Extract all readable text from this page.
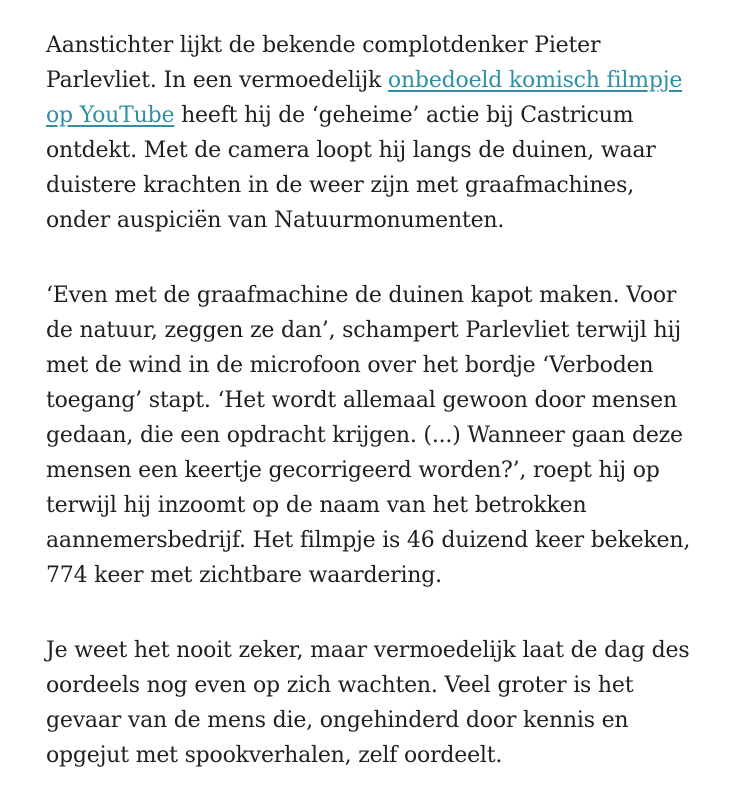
Aanstichter lijkt de bekende complotdenker Pieter
Parlevliet. In een vermoedelijk onbedoeld komisch filmpje
op YouTube heeft hij de ‘geheime’ actie bij Castricum
ontdekt. Met de camera loopt hij langs de duinen, waar
duistere krachten in de weer zijn met graafmachines,
onder auspiciën van Natuurmonumenten.

‘Even met de graafmachine de duinen kapot maken. Voor
de natuur, zeggen ze dan’, schampert Parlevliet terwijl hij
met de wind in de microfoon over het bordje ‘Verboden
toegang’ stapt. ‘Het wordt allemaal gewoon door mensen
gedaan, die een opdracht krijgen. (...) Wanneer gaan deze
mensen een keertje gecorrigeerd worden?’, roept hij op
terwijl hij inzoomt op de naam van het betrokken
aannemersbedrijf. Het filmpje is 46 duizend keer bekeken,
774 keer met zichtbare waardering.

Je weet het nooit zeker, maar vermoedelijk laat de dag des
oordeels nog even op zich wachten. Veel groter is het
gevaar van de mens die, ongehinderd door kennis en
opgejut met spookverhalen, zelf oordeelt.
